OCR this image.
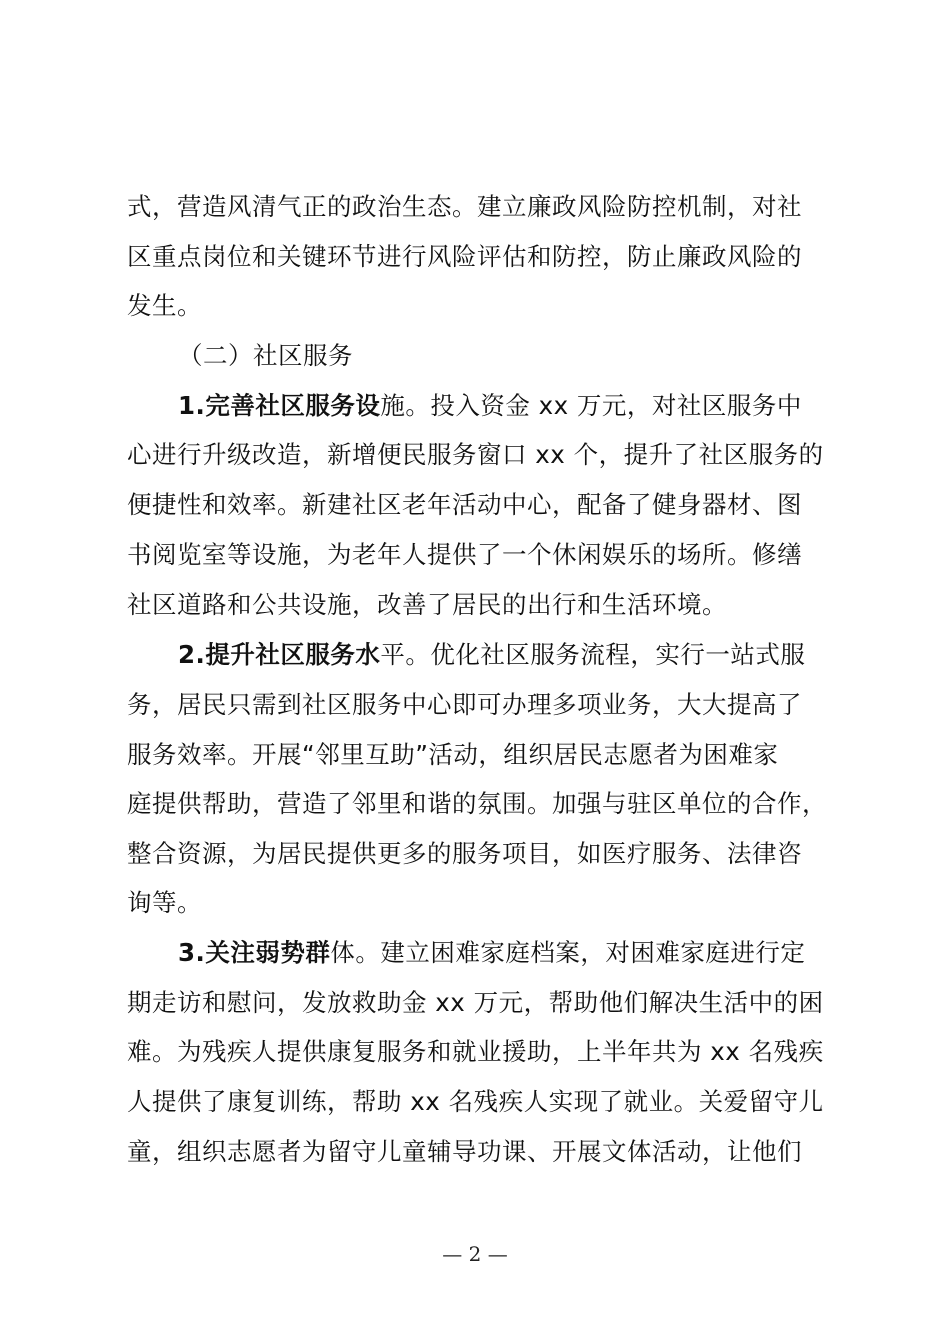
式，营造风清气正的政治生态。建立廉政风险防控机制，对社
区重点岗位和关键环节进行风险评估和防控，防止廉政风险的
发生。
（二）社区服务
1.完善社区服务设施。投入资金 xx 万元，对社区服务中
心进行升级改造，新增便民服务窗口 xx 个，提升了社区服务的
便捷性和效率。新建社区老年活动中心，配备了健身器材、图
书阅览室等设施，为老年人提供了一个休闲娱乐的场所。修缮
社区道路和公共设施，改善了居民的出行和生活环境。
2.提升社区服务水平。优化社区服务流程，实行一站式服
务，居民只需到社区服务中心即可办理多项业务，大大提高了
服务效率。开展“邻里互助”活动，组织居民志愿者为困难家
庭提供帮助，营造了邻里和谐的氛围。加强与驻区单位的合作，
整合资源，为居民提供更多的服务项目，如医疗服务、法律咨
询等。
3.关注弱势群体。建立困难家庭档案，对困难家庭进行定
期走访和慰问，发放救助金 xx 万元，帮助他们解决生活中的困
难。为残疾人提供康复服务和就业援助，上半年共为 xx 名残疾
人提供了康复训练，帮助 xx 名残疾人实现了就业。关爱留守儿
童，组织志愿者为留守儿童辅导功课、开展文体活动，让他们
— 2 —
